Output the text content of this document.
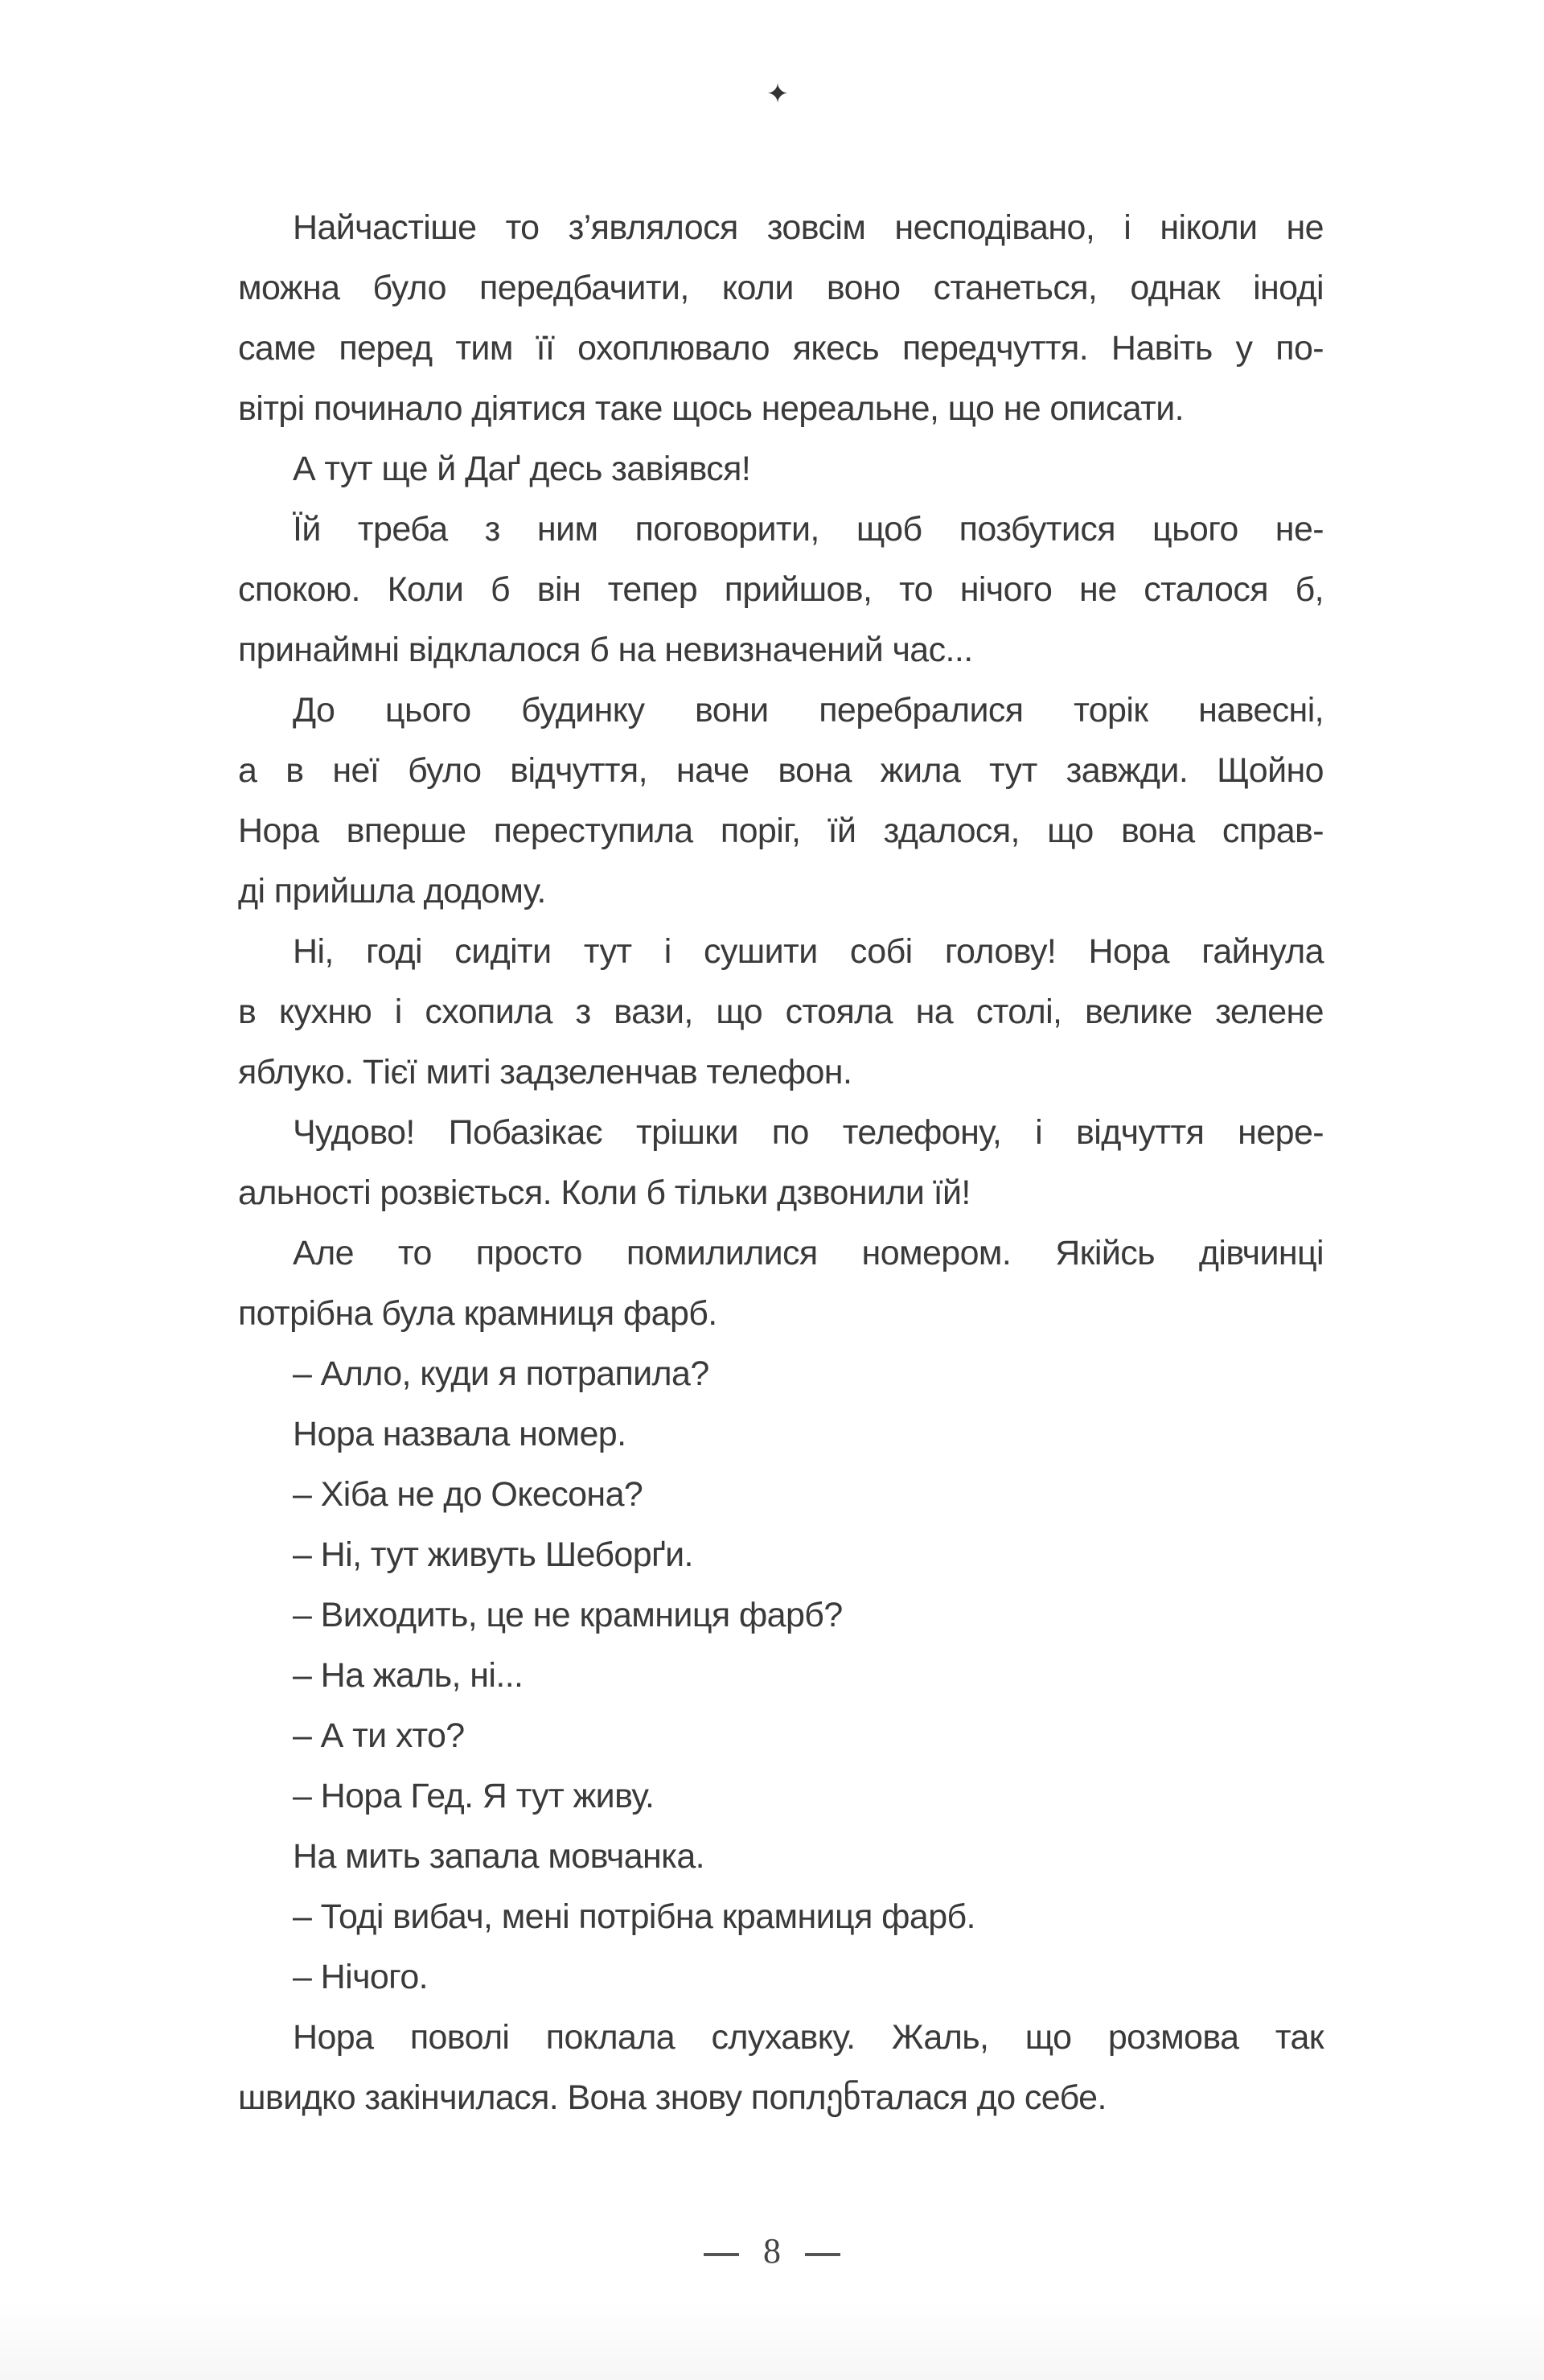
✦
Найчастіше то з’являлося зовсім несподівано, і ніколи не
можна було передбачити, коли воно станеться, однак іноді
саме перед тим її охоплювало якесь передчуття. Навіть у по-
вітрі починало діятися таке щось нереальне, що не описати.
А тут ще й Даґ десь завіявся!
Їй треба з ним поговорити, щоб позбутися цього не-
спокою. Коли б він тепер прийшов, то нічого не сталося б,
принаймні відклалося б на невизначений час...
До цього будинку вони перебралися торік навесні,
а в неї було відчуття, наче вона жила тут завжди. Щойно
Нора вперше переступила поріг, їй здалося, що вона справ-
ді прийшла додому.
Ні, годі сидіти тут і сушити собі голову! Нора гайнула
в кухню і схопила з вази, що стояла на столі, велике зелене
яблуко. Тієї миті задзеленчав телефон.
Чудово! Побазікає трішки по телефону, і відчуття нере-
альності розвіється. Коли б тільки дзвонили їй!
Але то просто помилилися номером. Якійсь дівчинці
потрібна була крамниця фарб.
– Алло, куди я потрапила?
Нора назвала номер.
– Хіба не до Океcона?
– Ні, тут живуть Шеборґи.
– Виходить, це не крамниця фарб?
– На жаль, ні...
– А ти хто?
– Нора Гед. Я тут живу.
На мить запала мовчанка.
– Тоді вибач, мені потрібна крамниця фарб.
– Нічого.
Нора поволі поклала слухавку. Жаль, що розмова так
швидко закінчилася. Вона знову поплენталася до себе.
8
